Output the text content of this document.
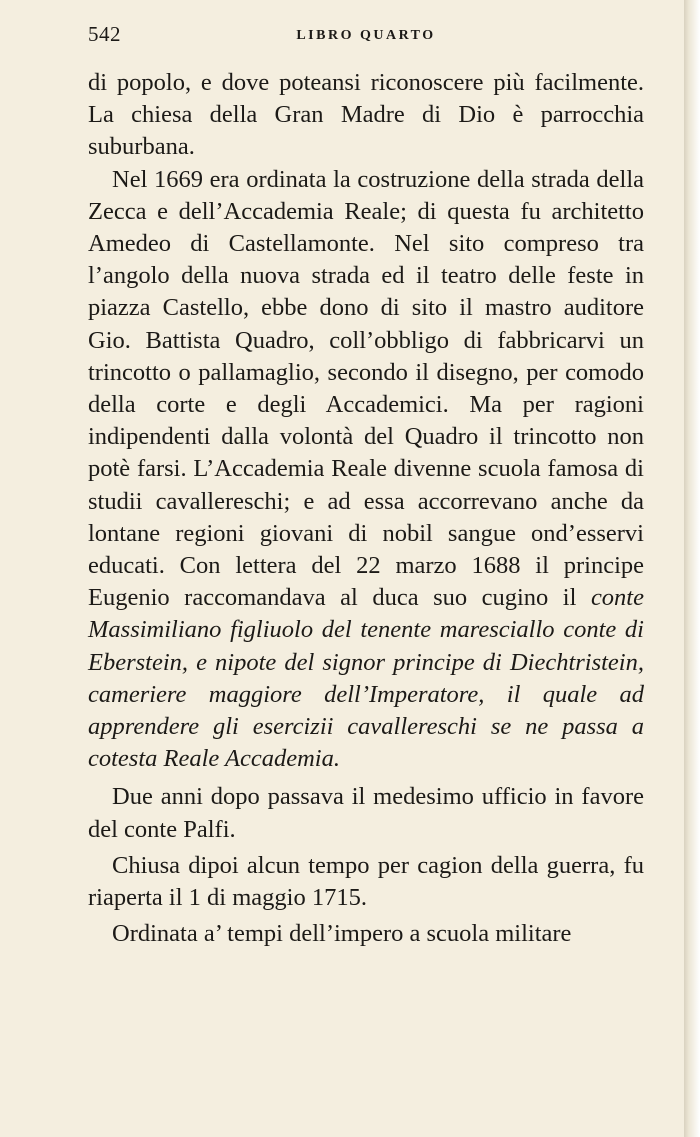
542	LIBRO QUARTO

di popolo, e dove poteansi riconoscere più facilmente. La chiesa della Gran Madre di Dio è parrocchia suburbana.

Nel 1669 era ordinata la costruzione della strada della Zecca e dell’Accademia Reale; di questa fu architetto Amedeo di Castellamonte. Nel sito compreso tra l’angolo della nuova strada ed il teatro delle feste in piazza Castello, ebbe dono di sito il mastro auditore Gio. Battista Quadro, coll’obbligo di fabbricarvi un trincotto o pallamaglio, secondo il disegno, per comodo della corte e degli Accademici. Ma per ragioni indipendenti dalla volontà del Quadro il trincotto non potè farsi. L’Accademia Reale divenne scuola famosa di studii cavallereschi; e ad essa accorrevano anche da lontane regioni giovani di nobil sangue ond’esservi educati. Con lettera del 22 marzo 1688 il principe Eugenio raccomandava al duca suo cugino il conte Massimiliano figliuolo del tenente maresciallo conte di Eberstein, e nipote del signor principe di Diechtristein, cameriere maggiore dell’Imperatore, il quale ad apprendere gli esercizii cavallereschi se ne passa a cotesta Reale Accademia.

Due anni dopo passava il medesimo ufficio in favore del conte Palfi.

Chiusa dipoi alcun tempo per cagion della guerra, fu riaperta il 1 di maggio 1715.

Ordinata a’ tempi dell’impero a scuola militare
